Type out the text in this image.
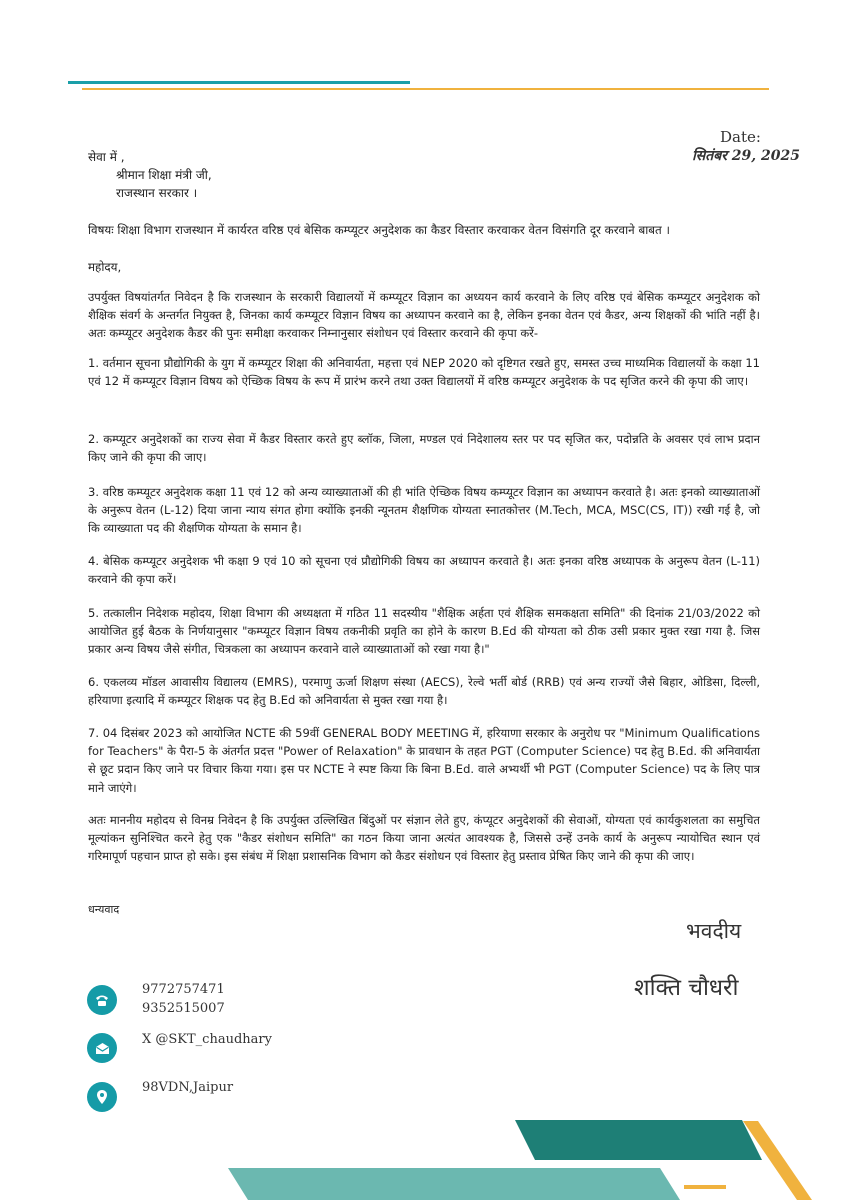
Date:
सितंबर 29, 2025
सेवा में ,
श्रीमान शिक्षा मंत्री जी,
राजस्थान सरकार ।
विषयः शिक्षा विभाग राजस्थान में कार्यरत वरिष्ठ एवं बेसिक कम्प्यूटर अनुदेशक का कैडर विस्तार करवाकर वेतन विसंगति दूर करवाने बाबत ।
महोदय,
उपर्युक्त विषयांतर्गत निवेदन है कि राजस्थान के सरकारी विद्यालयों में कम्प्यूटर विज्ञान का अध्ययन कार्य करवाने के लिए वरिष्ठ एवं बेसिक कम्प्यूटर अनुदेशक को शैक्षिक संवर्ग के अन्तर्गत नियुक्त है, जिनका कार्य कम्प्यूटर विज्ञान विषय का अध्यापन करवाने का है, लेकिन इनका वेतन एवं कैडर, अन्य शिक्षकों की भांति नहीं है। अतः कम्प्यूटर अनुदेशक कैडर की पुनः समीक्षा करवाकर निम्नानुसार संशोधन एवं विस्तार करवाने की कृपा करें-
1. वर्तमान सूचना प्रौद्योगिकी के युग में कम्प्यूटर शिक्षा की अनिवार्यता, महत्ता एवं NEP 2020 को दृष्टिगत रखते हुए, समस्त उच्च माध्यमिक विद्यालयों के कक्षा 11 एवं 12 में कम्प्यूटर विज्ञान विषय को ऐच्छिक विषय के रूप में प्रारंभ करने तथा उक्त विद्यालयों में वरिष्ठ कम्प्यूटर अनुदेशक के पद सृजित करने की कृपा की जाए।
2. कम्प्यूटर अनुदेशकों का राज्य सेवा में कैडर विस्तार करते हुए ब्लॉक, जिला, मण्डल एवं निदेशालय स्तर पर पद सृजित कर, पदोन्नति के अवसर एवं लाभ प्रदान किए जाने की कृपा की जाए।
3. वरिष्ठ कम्प्यूटर अनुदेशक कक्षा 11 एवं 12 को अन्य व्याख्याताओं की ही भांति ऐच्छिक विषय कम्प्यूटर विज्ञान का अध्यापन करवाते है। अतः इनको व्याख्याताओं के अनुरूप वेतन (L-12) दिया जाना न्याय संगत होगा क्योंकि इनकी न्यूनतम शैक्षणिक योग्यता स्नातकोत्तर (M.Tech, MCA, MSC(CS, IT)) रखी गई है, जो कि व्याख्याता पद की शैक्षणिक योग्यता के समान है।
4. बेसिक कम्प्यूटर अनुदेशक भी कक्षा 9 एवं 10 को सूचना एवं प्रौद्योगिकी विषय का अध्यापन करवाते है। अतः इनका वरिष्ठ अध्यापक के अनुरूप वेतन (L-11) करवाने की कृपा करें।
5. तत्कालीन निदेशक महोदय, शिक्षा विभाग की अध्यक्षता में गठित 11 सदस्यीय "शैक्षिक अर्हता एवं शैक्षिक समकक्षता समिति" की दिनांक 21/03/2022 को आयोजित हुई बैठक के निर्णयानुसार "कम्प्यूटर विज्ञान विषय तकनीकी प्रवृति का होने के कारण B.Ed की योग्यता को ठीक उसी प्रकार मुक्त रखा गया है. जिस प्रकार अन्य विषय जैसे संगीत, चित्रकला का अध्यापन करवाने वाले व्याख्याताओं को रखा गया है।"
6. एकलव्य मॉडल आवासीय विद्यालय (EMRS), परमाणु ऊर्जा शिक्षण संस्था (AECS), रेल्वे भर्ती बोर्ड (RRB) एवं अन्य राज्यों जैसे बिहार, ओडिसा, दिल्ली, हरियाणा इत्यादि में कम्प्यूटर शिक्षक पद हेतु B.Ed को अनिवार्यता से मुक्त रखा गया है।
7. 04 दिसंबर 2023 को आयोजित NCTE की 59वीं GENERAL BODY MEETING में, हरियाणा सरकार के अनुरोध पर "Minimum Qualifications for Teachers" के पैरा-5 के अंतर्गत प्रदत्त "Power of Relaxation" के प्रावधान के तहत PGT (Computer Science) पद हेतु B.Ed. की अनिवार्यता से छूट प्रदान किए जाने पर विचार किया गया। इस पर NCTE ने स्पष्ट किया कि बिना B.Ed. वाले अभ्यर्थी भी PGT (Computer Science) पद के लिए पात्र माने जाएंगे।
अतः माननीय महोदय से विनम्र निवेदन है कि उपर्युक्त उल्लिखित बिंदुओं पर संज्ञान लेते हुए, कंप्यूटर अनुदेशकों की सेवाओं, योग्यता एवं कार्यकुशलता का समुचित मूल्यांकन सुनिश्चित करने हेतु एक "कैडर संशोधन समिति" का गठन किया जाना अत्यंत आवश्यक है, जिससे उन्हें उनके कार्य के अनुरूप न्यायोचित स्थान एवं गरिमापूर्ण पहचान प्राप्त हो सके। इस संबंध में शिक्षा प्रशासनिक विभाग को कैडर संशोधन एवं विस्तार हेतु प्रस्ताव प्रेषित किए जाने की कृपा की जाए।
धन्यवाद
भवदीय
शक्ति चौधरी
9772757471
9352515007
X @SKT_chaudhary
98VDN,Jaipur
